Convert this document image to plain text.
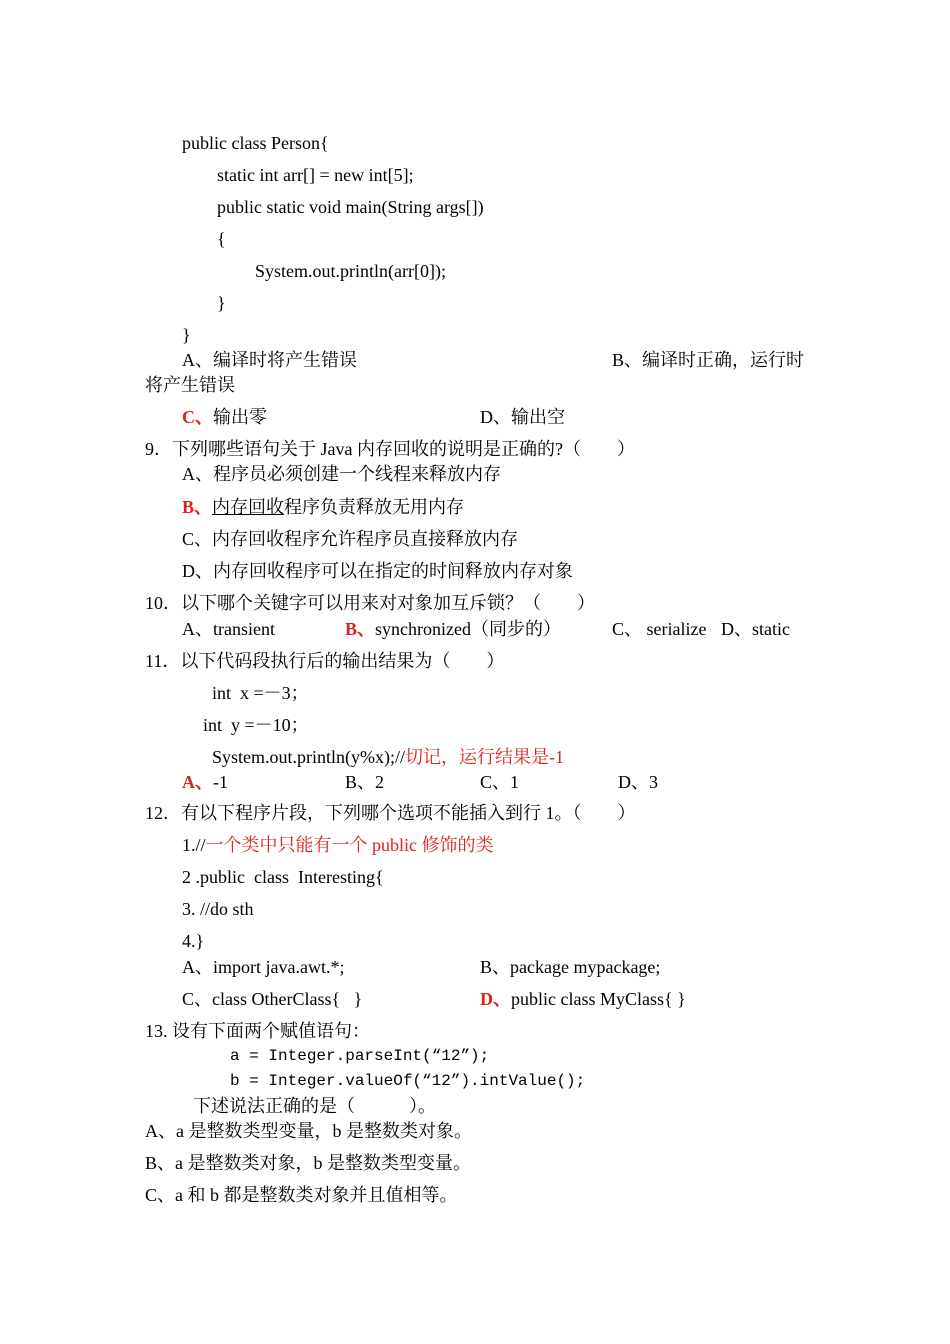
public class Person{
static int arr[] = new int[5];
public static void main(String args[])
{
System.out.println(arr[0]);
}
}
A、编译时将产生错误	B、编译时正确，运行时
将产生错误
C、输出零	D、输出空
9．下列哪些语句关于 Java 内存回收的说明是正确的?（　　）
A、程序员必须创建一个线程来释放内存
B、内存回收程序负责释放无用内存
C、内存回收程序允许程序员直接释放内存
D、内存回收程序可以在指定的时间释放内存对象
10．以下哪个关键字可以用来对对象加互斥锁？（　　）
A、transient	B、synchronized（同步的）	C、 serialize D、static
11．以下代码段执行后的输出结果为（　　）
int  x =－3；
int  y =－10；
System.out.println(y%x);//切记，运行结果是-1
A、-1	B、2	C、1	D、3
12．有以下程序片段，下列哪个选项不能插入到行 1。（　　）
1.//一个类中只能有一个 public 修饰的类
2 .public  class  Interesting{
3. //do sth
4.}
A、import java.awt.*;	B、package mypackage;
C、class OtherClass{   }	D、public class MyClass{ }
13. 设有下面两个赋值语句：
a = Integer.parseInt(“12”);
b = Integer.valueOf(“12”).intValue();
下述说法正确的是（　　　）。
A、a 是整数类型变量，b 是整数类对象。
B、a 是整数类对象，b 是整数类型变量。
C、a 和 b 都是整数类对象并且值相等。
